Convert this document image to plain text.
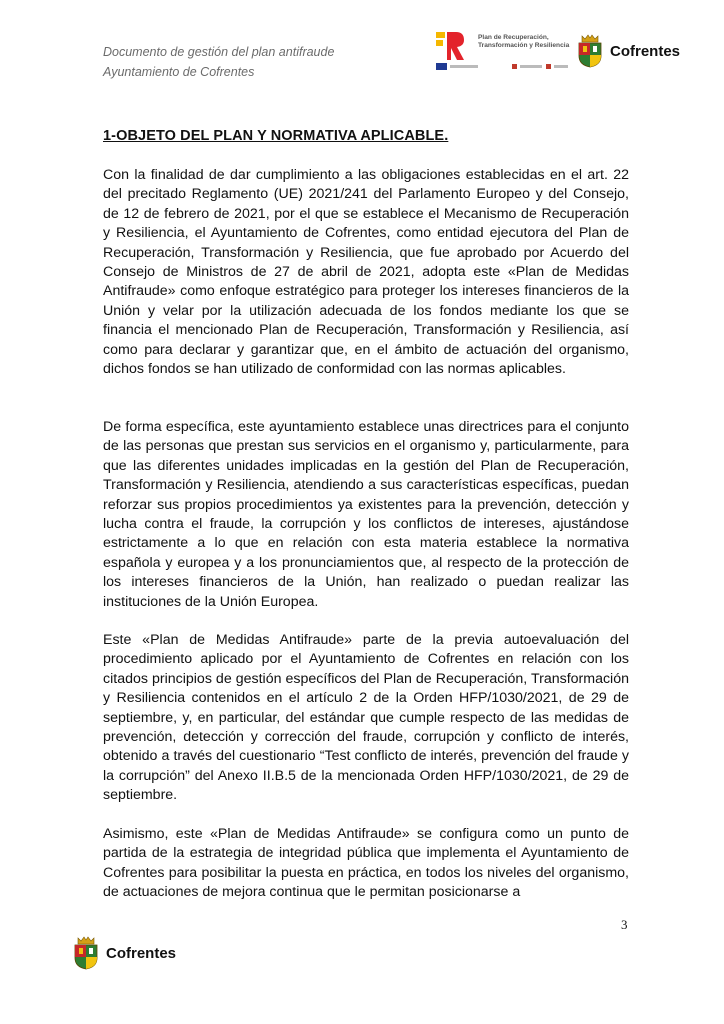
Documento de gestión del plan antifraude
Ayuntamiento de Cofrentes
Plan de Recuperación,
Transformación y Resiliencia	Cofrentes
1-OBJETO DEL PLAN Y NORMATIVA APLICABLE.

Con la finalidad de dar cumplimiento a las obligaciones establecidas en el art. 22 del precitado Reglamento (UE) 2021/241 del Parlamento Europeo y del Consejo, de 12 de febrero de 2021, por el que se establece el Mecanismo de Recuperación y Resiliencia, el Ayuntamiento de Cofrentes, como entidad ejecutora del Plan de Recuperación, Transformación y Resiliencia, que fue aprobado por Acuerdo del Consejo de Ministros de 27 de abril de 2021, adopta este «Plan de Medidas Antifraude» como enfoque estratégico para proteger los intereses financieros de la Unión y velar por la utilización adecuada de los fondos mediante los que se financia el mencionado Plan de Recuperación, Transformación y Resiliencia, así como para declarar y garantizar que, en el ámbito de actuación del organismo, dichos fondos se han utilizado de conformidad con las normas aplicables.

De forma específica, este ayuntamiento establece unas directrices para el conjunto de las personas que prestan sus servicios en el organismo y, particularmente, para que las diferentes unidades implicadas en la gestión del Plan de Recuperación, Transformación y Resiliencia, atendiendo a sus características específicas, puedan reforzar sus propios procedimientos ya existentes para la prevención, detección y lucha contra el fraude, la corrupción y los conflictos de intereses, ajustándose estrictamente a lo que en relación con esta materia establece la normativa española y europea y a los pronunciamientos que, al respecto de la protección de los intereses financieros de la Unión, han realizado o puedan realizar las instituciones de la Unión Europea.

Este «Plan de Medidas Antifraude» parte de la previa autoevaluación del procedimiento aplicado por el Ayuntamiento de Cofrentes en relación con los citados principios de gestión específicos del Plan de Recuperación, Transformación y Resiliencia contenidos en el artículo 2 de la Orden HFP/1030/2021, de 29 de septiembre, y, en particular, del estándar que cumple respecto de las medidas de prevención, detección y corrección del fraude, corrupción y conflicto de interés, obtenido a través del cuestionario “Test conflicto de interés, prevención del fraude y la corrupción” del Anexo II.B.5 de la mencionada Orden HFP/1030/2021, de 29 de septiembre.

Asimismo, este «Plan de Medidas Antifraude» se configura como un punto de partida de la estrategia de integridad pública que implementa el Ayuntamiento de Cofrentes para posibilitar la puesta en práctica, en todos los niveles del organismo, de actuaciones de mejora continua que le permitan posicionarse a

3
Cofrentes
